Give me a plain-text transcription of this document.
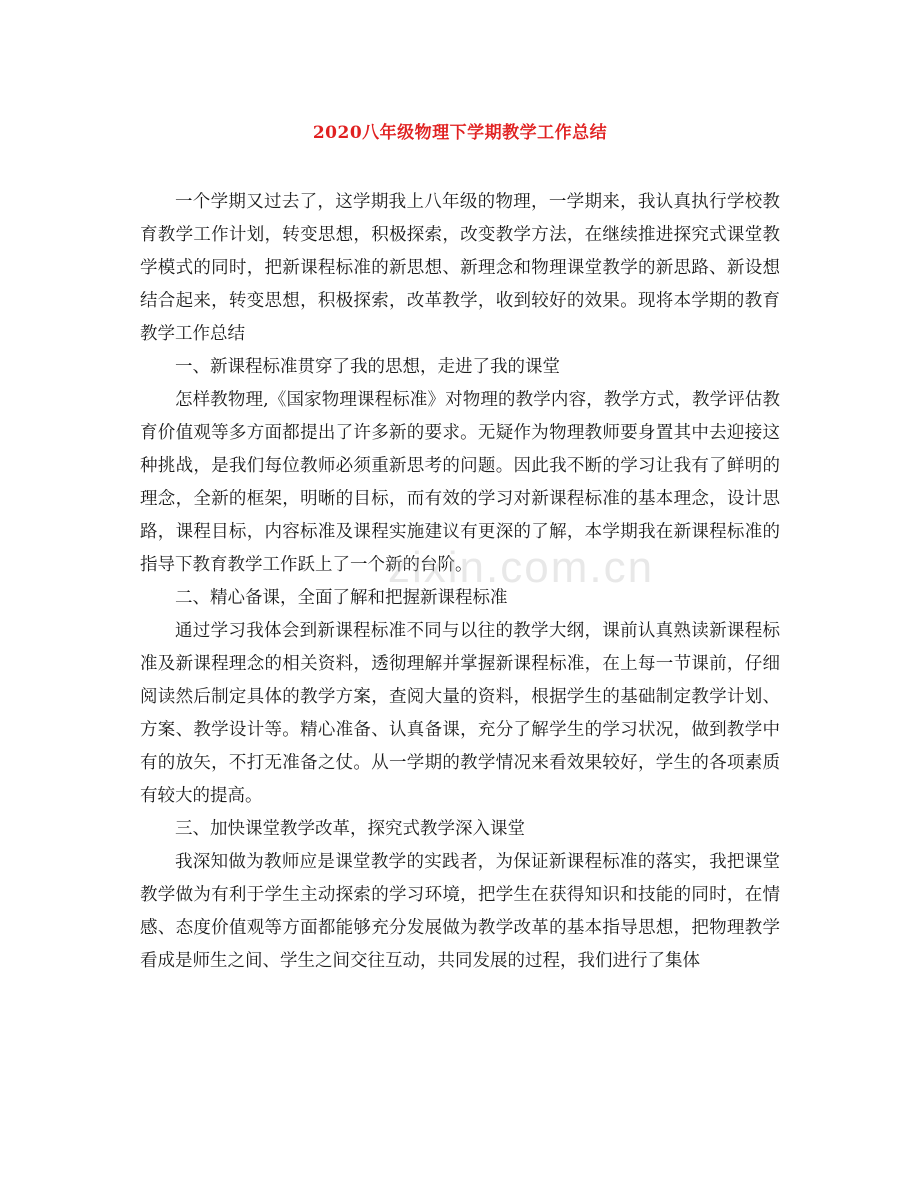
2020八年级物理下学期教学工作总结

一个学期又过去了，这学期我上八年级的物理，一学期来，我认真执行学校教育教学工作计划，转变思想，积极探索，改变教学方法，在继续推进探究式课堂教学模式的同时，把新课程标准的新思想、新理念和物理课堂教学的新思路、新设想结合起来，转变思想，积极探索，改革教学，收到较好的效果。现将本学期的教育教学工作总结

一、新课程标准贯穿了我的思想，走进了我的课堂

怎样教物理,《国家物理课程标准》对物理的教学内容，教学方式，教学评估教育价值观等多方面都提出了许多新的要求。无疑作为物理教师要身置其中去迎接这种挑战，是我们每位教师必须重新思考的问题。因此我不断的学习让我有了鲜明的理念，全新的框架，明晰的目标，而有效的学习对新课程标准的基本理念，设计思路，课程目标，内容标准及课程实施建议有更深的了解，本学期我在新课程标准的指导下教育教学工作跃上了一个新的台阶。

二、精心备课，全面了解和把握新课程标准

通过学习我体会到新课程标准不同与以往的教学大纲，课前认真熟读新课程标准及新课程理念的相关资料，透彻理解并掌握新课程标准，在上每一节课前，仔细阅读然后制定具体的教学方案，查阅大量的资料，根据学生的基础制定教学计划、方案、教学设计等。精心准备、认真备课，充分了解学生的学习状况，做到教学中有的放矢，不打无准备之仗。从一学期的教学情况来看效果较好，学生的各项素质有较大的提高。

三、加快课堂教学改革，探究式教学深入课堂

我深知做为教师应是课堂教学的实践者，为保证新课程标准的落实，我把课堂教学做为有利于学生主动探索的学习环境，把学生在获得知识和技能的同时，在情感、态度价值观等方面都能够充分发展做为教学改革的基本指导思想，把物理教学看成是师生之间、学生之间交往互动，共同发展的过程，我们进行了集体

zixin.com.cn
